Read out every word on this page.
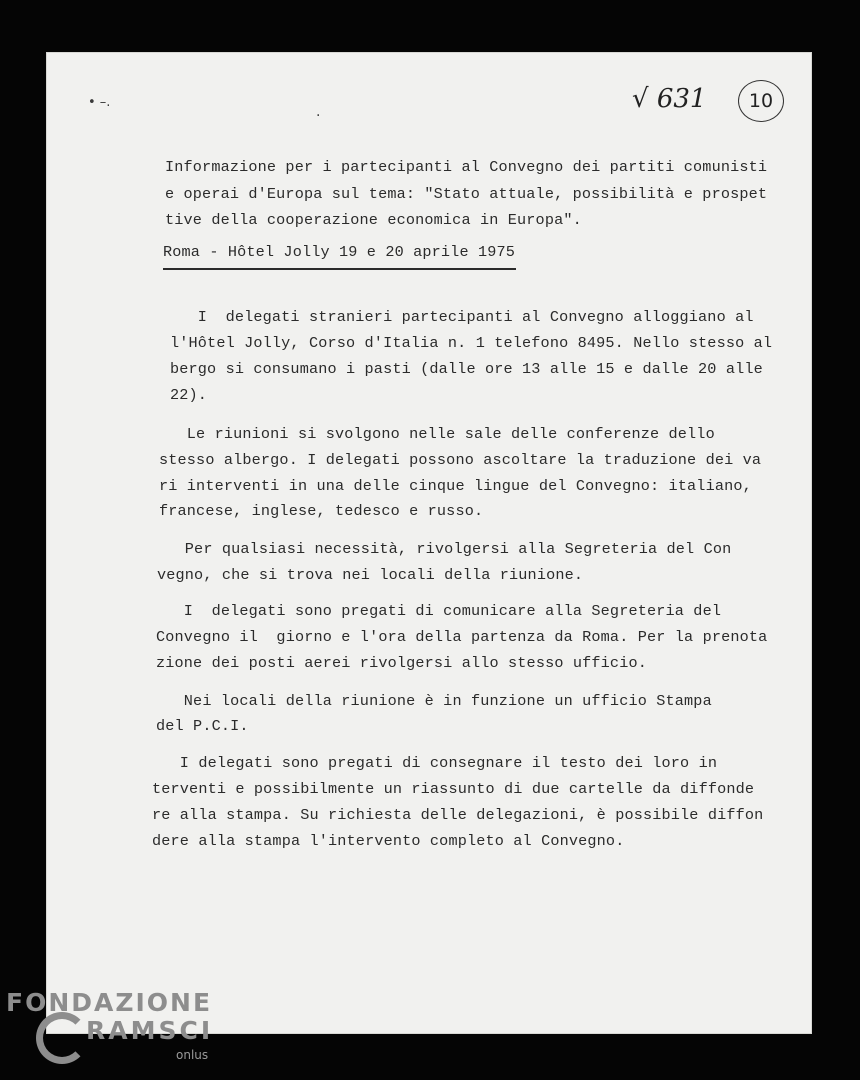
• –.
.	√ 631 10
Informazione per i partecipanti al Convegno dei partiti comunisti
e operai d'Europa sul tema: "Stato attuale, possibilità e prospet
tive della cooperazione economica in Europa".
Roma - Hôtel Jolly 19 e 20 aprile 1975
I  delegati stranieri partecipanti al Convegno alloggiano al
l'Hôtel Jolly, Corso d'Italia n. 1 telefono 8495. Nello stesso al
bergo si consumano i pasti (dalle ore 13 alle 15 e dalle 20 alle
22).
Le riunioni si svolgono nelle sale delle conferenze dello
stesso albergo. I delegati possono ascoltare la traduzione dei va
ri interventi in una delle cinque lingue del Convegno: italiano,
francese, inglese, tedesco e russo.
Per qualsiasi necessità, rivolgersi alla Segreteria del Con
vegno, che si trova nei locali della riunione.
I  delegati sono pregati di comunicare alla Segreteria del
Convegno il  giorno e l'ora della partenza da Roma. Per la prenota
zione dei posti aerei rivolgersi allo stesso ufficio.
Nei locali della riunione è in funzione un ufficio Stampa
del P.C.I.
I delegati sono pregati di consegnare il testo dei loro in
terventi e possibilmente un riassunto di due cartelle da diffonde
re alla stampa. Su richiesta delle delegazioni, è possibile diffon
dere alla stampa l'intervento completo al Convegno.
FONDAZIONE
RAMSCI
onlus
